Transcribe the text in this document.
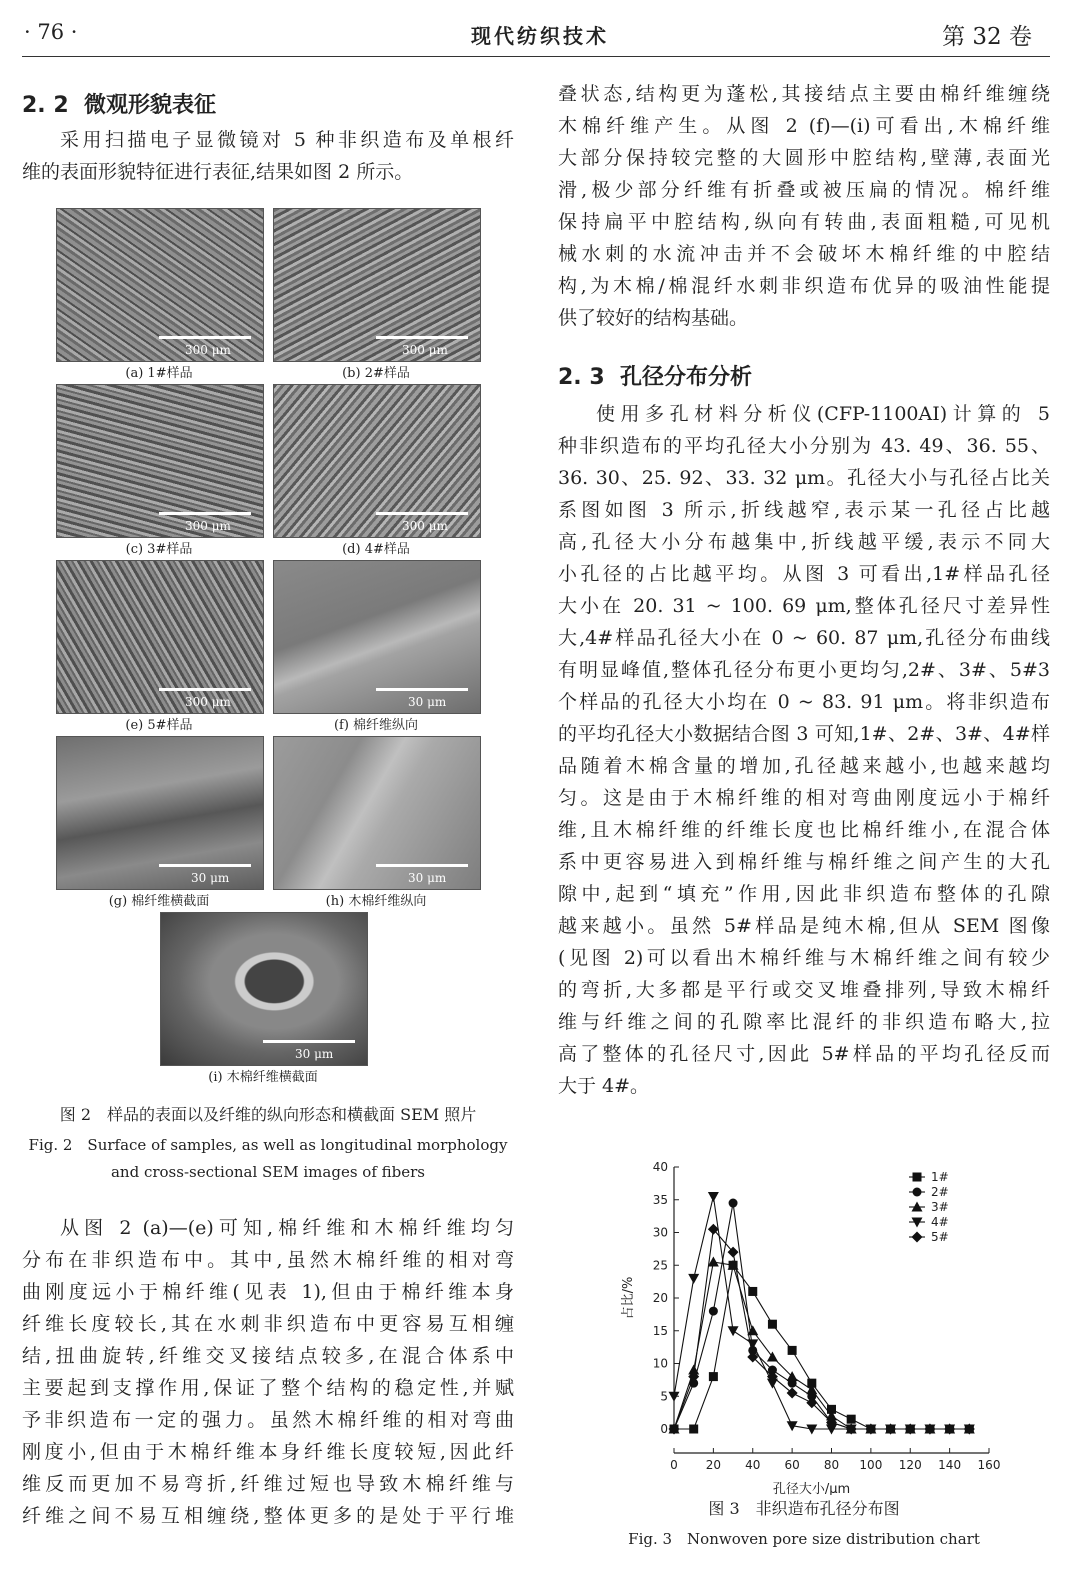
· 76 ·	现代纺织技术	第 32 卷
2. 2 微观形貌表征
采用扫描电子显微镜对 5 种非织造布及单根纤
维的表面形貌特征进行表征,结果如图 2 所示。
300 μm
(a) 1#样品
300 μm
(b) 2#样品
300 μm
(c) 3#样品
300 μm
(d) 4#样品
300 μm
(e) 5#样品
30 μm
(f) 棉纤维纵向
30 μm
(g) 棉纤维横截面
30 μm
(h) 木棉纤维纵向
30 μm
(i) 木棉纤维横截面
图 2　样品的表面以及纤维的纵向形态和横截面 SEM 照片
Fig. 2　Surface of samples, as well as longitudinal morphology
and cross-sectional SEM images of fibers
从图 2 (a)—(e)可知,棉纤维和木棉纤维均匀
分布在非织造布中。其中,虽然木棉纤维的相对弯
曲刚度远小于棉纤维(见表 1),但由于棉纤维本身
纤维长度较长,其在水刺非织造布中更容易互相缠
结,扭曲旋转,纤维交叉接结点较多,在混合体系中
主要起到支撑作用,保证了整个结构的稳定性,并赋
予非织造布一定的强力。虽然木棉纤维的相对弯曲
刚度小,但由于木棉纤维本身纤维长度较短,因此纤
维反而更加不易弯折,纤维过短也导致木棉纤维与
纤维之间不易互相缠绕,整体更多的是处于平行堆
叠状态,结构更为蓬松,其接结点主要由棉纤维缠绕
木棉纤维产生。从图 2 (f)—(i)可看出,木棉纤维
大部分保持较完整的大圆形中腔结构,壁薄,表面光
滑,极少部分纤维有折叠或被压扁的情况。棉纤维
保持扁平中腔结构,纵向有转曲,表面粗糙,可见机
械水刺的水流冲击并不会破坏木棉纤维的中腔结
构,为木棉/棉混纤水刺非织造布优异的吸油性能提
供了较好的结构基础。
2. 3 孔径分布分析
使用多孔材料分析仪(CFP-1100AI)计算的 5
种非织造布的平均孔径大小分别为 43. 49、36. 55、
36. 30、25. 92、33. 32 μm。孔径大小与孔径占比关
系图如图 3 所示,折线越窄,表示某一孔径占比越
高,孔径大小分布越集中,折线越平缓,表示不同大
小孔径的占比越平均。从图 3 可看出,1#样品孔径
大小在 20. 31 ~ 100. 69 μm,整体孔径尺寸差异性
大,4#样品孔径大小在 0 ~ 60. 87 μm,孔径分布曲线
有明显峰值,整体孔径分布更小更均匀,2#、3#、5#3
个样品的孔径大小均在 0 ~ 83. 91 μm。将非织造布
的平均孔径大小数据结合图 3 可知,1#、2#、3#、4#样
品随着木棉含量的增加,孔径越来越小,也越来越均
匀。这是由于木棉纤维的相对弯曲刚度远小于棉纤
维,且木棉纤维的纤维长度也比棉纤维小,在混合体
系中更容易进入到棉纤维与棉纤维之间产生的大孔
隙中,起到“填充”作用,因此非织造布整体的孔隙
越来越小。虽然 5#样品是纯木棉,但从 SEM 图像
(见图 2)可以看出木棉纤维与木棉纤维之间有较少
的弯折,大多都是平行或交叉堆叠排列,导致木棉纤
维与纤维之间的孔隙率比混纤的非织造布略大,拉
高了整体的孔径尺寸,因此 5#样品的平均孔径反而
大于 4#。
0
5
10
15
20
25
30
35
40
0 20 40 60 80 100 120 140 160
孔径大小/μm
占比/%
1#
2#
3#
4#
5#
图 3　非织造布孔径分布图
Fig. 3　Nonwoven pore size distribution chart
